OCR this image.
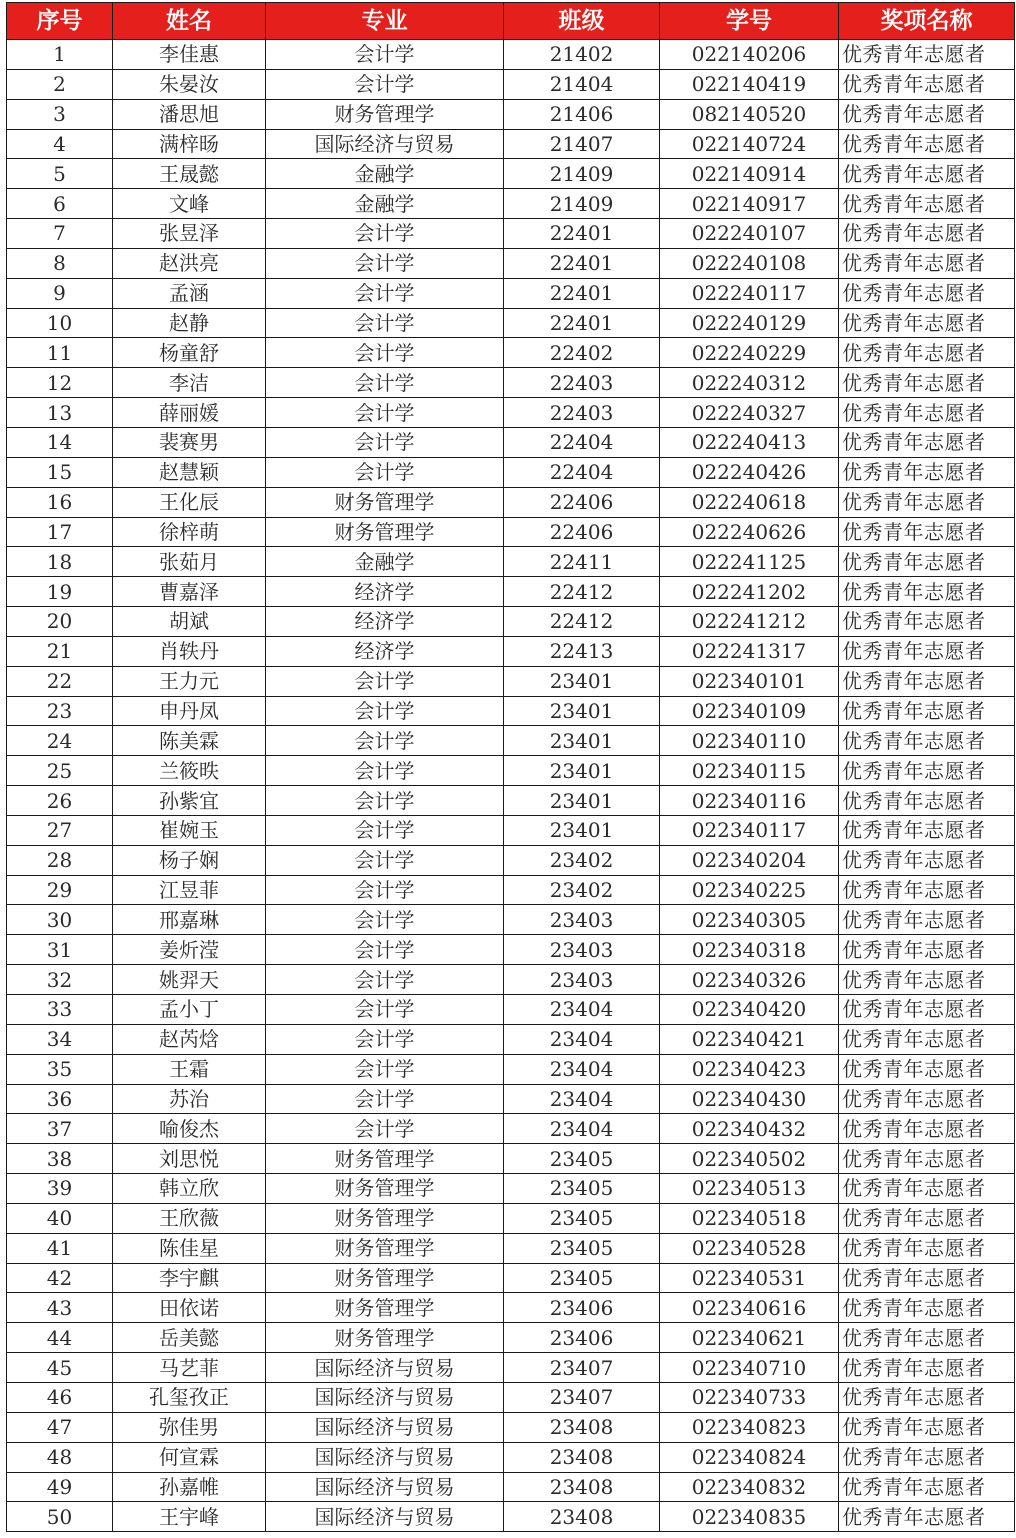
序号	姓名	专业	班级	学号	奖项名称
1	李佳惠	会计学	21402	022140206	优秀青年志愿者
2	朱晏汝	会计学	21404	022140419	优秀青年志愿者
3	潘思旭	财务管理学	21406	082140520	优秀青年志愿者
4	满梓旸	国际经济与贸易	21407	022140724	优秀青年志愿者
5	王晟懿	金融学	21409	022140914	优秀青年志愿者
6	文峰	金融学	21409	022140917	优秀青年志愿者
7	张昱泽	会计学	22401	022240107	优秀青年志愿者
8	赵洪亮	会计学	22401	022240108	优秀青年志愿者
9	孟涵	会计学	22401	022240117	优秀青年志愿者
10	赵静	会计学	22401	022240129	优秀青年志愿者
11	杨童舒	会计学	22402	022240229	优秀青年志愿者
12	李洁	会计学	22403	022240312	优秀青年志愿者
13	薛丽媛	会计学	22403	022240327	优秀青年志愿者
14	裴赛男	会计学	22404	022240413	优秀青年志愿者
15	赵慧颖	会计学	22404	022240426	优秀青年志愿者
16	王化辰	财务管理学	22406	022240618	优秀青年志愿者
17	徐梓萌	财务管理学	22406	022240626	优秀青年志愿者
18	张茹月	金融学	22411	022241125	优秀青年志愿者
19	曹嘉泽	经济学	22412	022241202	优秀青年志愿者
20	胡斌	经济学	22412	022241212	优秀青年志愿者
21	肖轶丹	经济学	22413	022241317	优秀青年志愿者
22	王力元	会计学	23401	022340101	优秀青年志愿者
23	申丹凤	会计学	23401	022340109	优秀青年志愿者
24	陈美霖	会计学	23401	022340110	优秀青年志愿者
25	兰筱昳	会计学	23401	022340115	优秀青年志愿者
26	孙紫宜	会计学	23401	022340116	优秀青年志愿者
27	崔婉玉	会计学	23401	022340117	优秀青年志愿者
28	杨子娴	会计学	23402	022340204	优秀青年志愿者
29	江昱菲	会计学	23402	022340225	优秀青年志愿者
30	邢嘉琳	会计学	23403	022340305	优秀青年志愿者
31	姜炘滢	会计学	23403	022340318	优秀青年志愿者
32	姚羿天	会计学	23403	022340326	优秀青年志愿者
33	孟小丁	会计学	23404	022340420	优秀青年志愿者
34	赵芮焓	会计学	23404	022340421	优秀青年志愿者
35	王霜	会计学	23404	022340423	优秀青年志愿者
36	苏治	会计学	23404	022340430	优秀青年志愿者
37	喻俊杰	会计学	23404	022340432	优秀青年志愿者
38	刘思悦	财务管理学	23405	022340502	优秀青年志愿者
39	韩立欣	财务管理学	23405	022340513	优秀青年志愿者
40	王欣薇	财务管理学	23405	022340518	优秀青年志愿者
41	陈佳星	财务管理学	23405	022340528	优秀青年志愿者
42	李宇麒	财务管理学	23405	022340531	优秀青年志愿者
43	田依诺	财务管理学	23406	022340616	优秀青年志愿者
44	岳美懿	财务管理学	23406	022340621	优秀青年志愿者
45	马艺菲	国际经济与贸易	23407	022340710	优秀青年志愿者
46	孔玺孜正	国际经济与贸易	23407	022340733	优秀青年志愿者
47	弥佳男	国际经济与贸易	23408	022340823	优秀青年志愿者
48	何宣霖	国际经济与贸易	23408	022340824	优秀青年志愿者
49	孙嘉帷	国际经济与贸易	23408	022340832	优秀青年志愿者
50	王宇峰	国际经济与贸易	23408	022340835	优秀青年志愿者
